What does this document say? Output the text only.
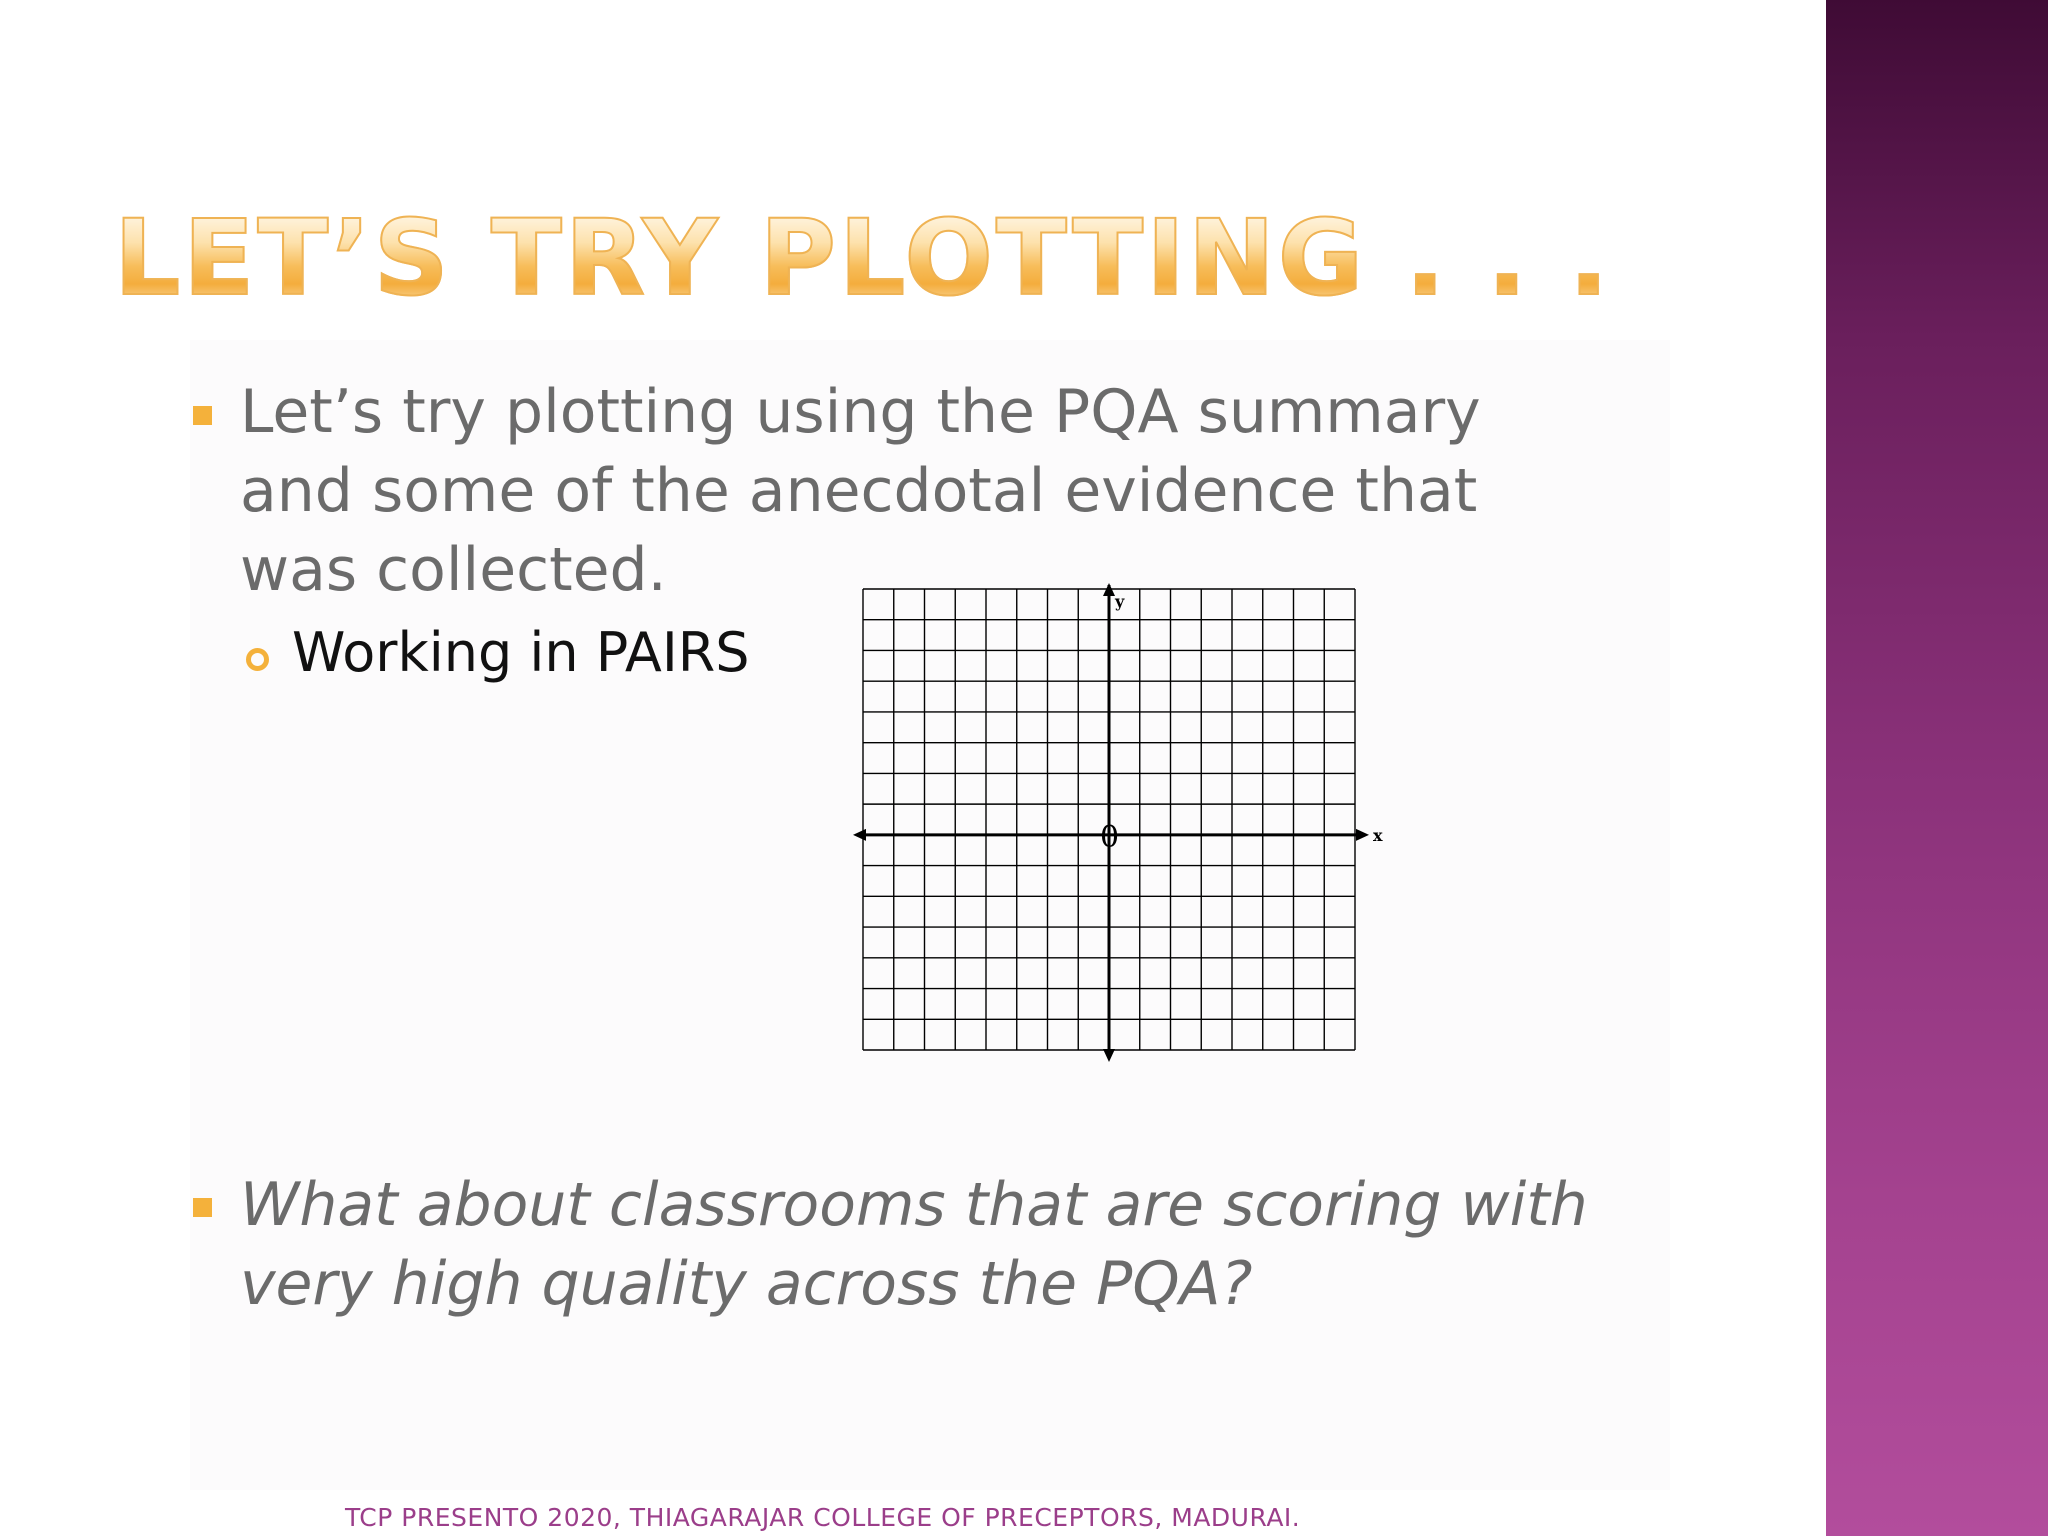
LET’S TRY PLOTTING . . .

Let’s try plotting using the PQA summary and some of the anecdotal evidence that was collected.

Working in PAIRS

x
y
0

What about classrooms that are scoring with very high quality across the PQA?

TCP PRESENTO 2020, THIAGARAJAR COLLEGE OF PRECEPTORS, MADURAI.
